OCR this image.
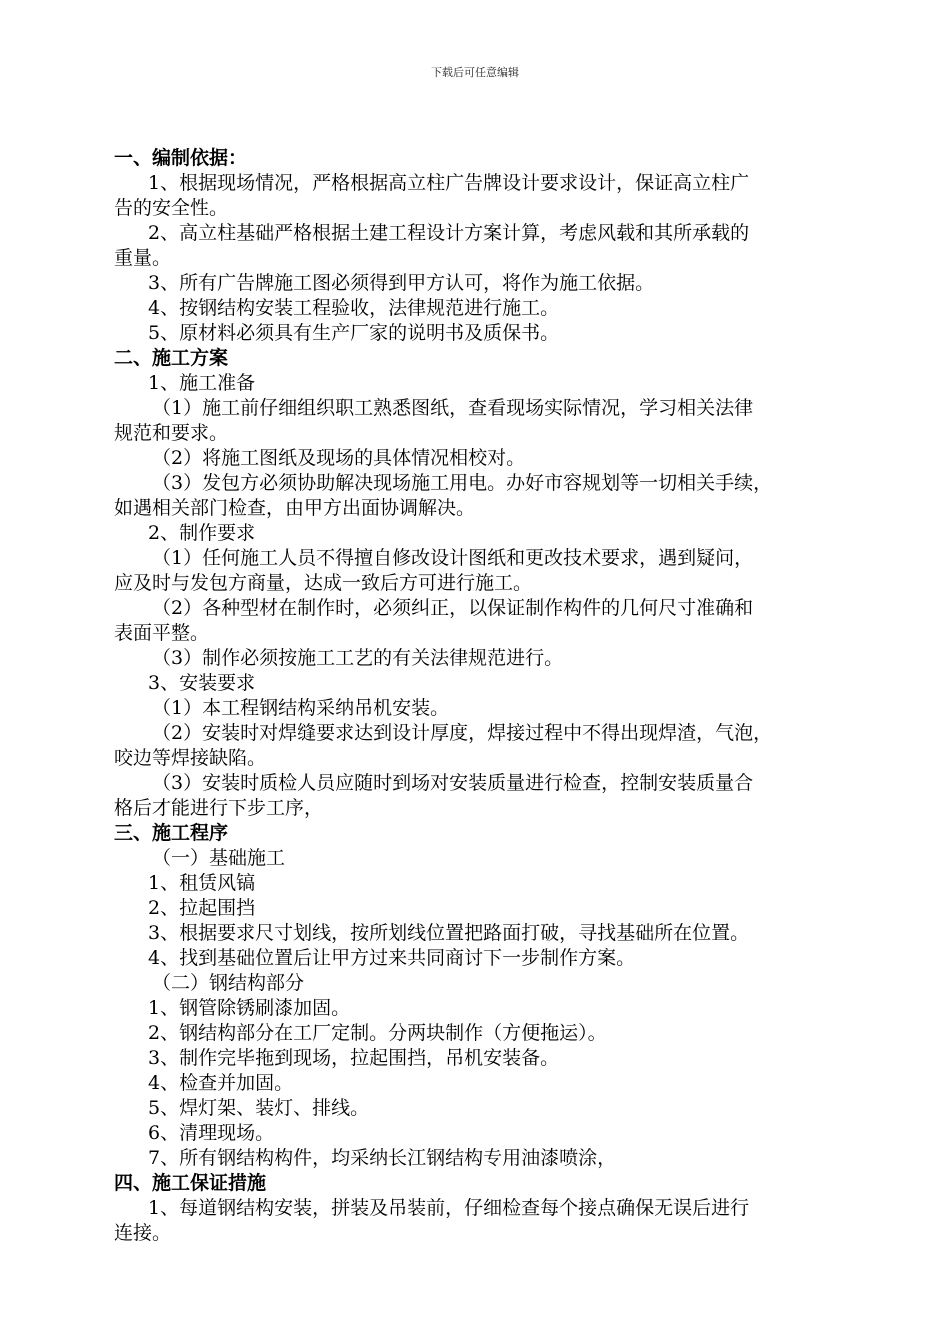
下载后可任意编辑
一、编制依据：
1、根据现场情况，严格根据高立柱广告牌设计要求设计，保证高立柱广
告的安全性。
2、高立柱基础严格根据土建工程设计方案计算，考虑风载和其所承载的
重量。
3、所有广告牌施工图必须得到甲方认可，将作为施工依据。
4、按钢结构安装工程验收，法律规范进行施工。
5、原材料必须具有生产厂家的说明书及质保书。
二、施工方案
1、施工准备
（1）施工前仔细组织职工熟悉图纸，查看现场实际情况，学习相关法律
规范和要求。
（2）将施工图纸及现场的具体情况相校对。
（3）发包方必须协助解决现场施工用电。办好市容规划等一切相关手续，
如遇相关部门检查，由甲方出面协调解决。
2、制作要求
（1）任何施工人员不得擅自修改设计图纸和更改技术要求，遇到疑问，
应及时与发包方商量，达成一致后方可进行施工。
（2）各种型材在制作时，必须纠正，以保证制作构件的几何尺寸准确和
表面平整。
（3）制作必须按施工工艺的有关法律规范进行。
3、安装要求
（1）本工程钢结构采纳吊机安装。
（2）安装时对焊缝要求达到设计厚度，焊接过程中不得出现焊渣，气泡，
咬边等焊接缺陷。
（3）安装时质检人员应随时到场对安装质量进行检查，控制安装质量合
格后才能进行下步工序，
三、施工程序
（一）基础施工
1、租赁风镐
2、拉起围挡
3、根据要求尺寸划线，按所划线位置把路面打破，寻找基础所在位置。
4、找到基础位置后让甲方过来共同商讨下一步制作方案。
（二）钢结构部分
1、钢管除锈刷漆加固。
2、钢结构部分在工厂定制。分两块制作（方便拖运）。
3、制作完毕拖到现场，拉起围挡，吊机安装备。
4、检查并加固。
5、焊灯架、装灯、排线。
6、清理现场。
7、所有钢结构构件，均采纳长江钢结构专用油漆喷涂，
四、施工保证措施
1、每道钢结构安装，拼装及吊装前，仔细检查每个接点确保无误后进行
连接。
